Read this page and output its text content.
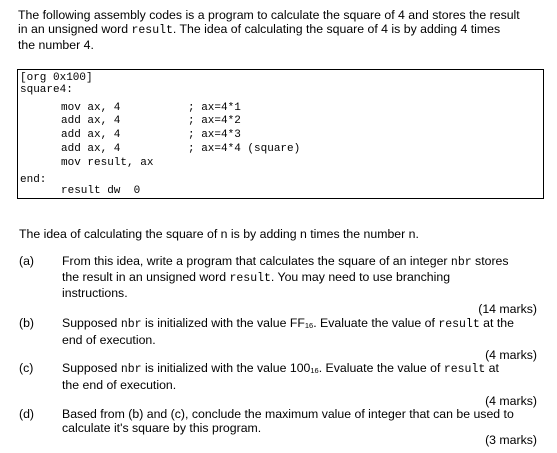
The following assembly codes is a program to calculate the square of 4 and stores the result
in an unsigned word result. The idea of calculating the square of 4 is by adding 4 times
the number 4.
[org 0x100]
square4:
mov ax, 4	; ax=4*1
add ax, 4	; ax=4*2
add ax, 4	; ax=4*3
add ax, 4	; ax=4*4 (square)
mov result, ax
end:
result dw  0
The idea of calculating the square of n is by adding n times the number n.
(a) From this idea, write a program that calculates the square of an integer nbr stores
the result in an unsigned word result. You may need to use branching
instructions.
(14 marks)
(b) Supposed nbr is initialized with the value $FF_{16}$. Evaluate the value of result at the
end of execution.
(4 marks)
(c) Supposed nbr is initialized with the value $100_{16}$. Evaluate the value of result at
the end of execution.
(4 marks)
(d) Based from (b) and (c), conclude the maximum value of integer that can be used to
calculate it's square by this program.
(3 marks)
